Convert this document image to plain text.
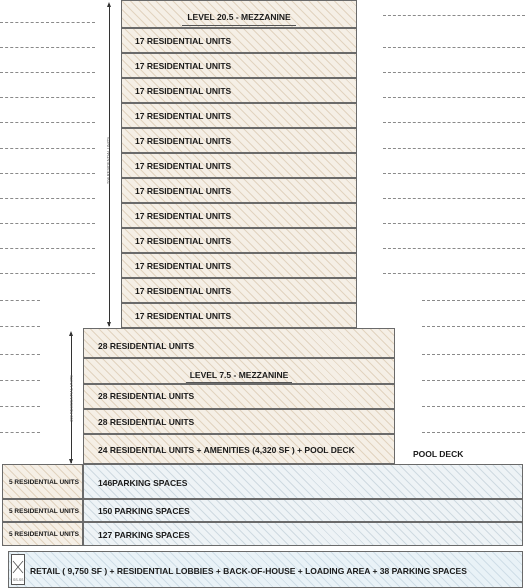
LEVEL 20.5 - MEZZANINE
17 RESIDENTIAL UNITS
17 RESIDENTIAL UNITS
17 RESIDENTIAL UNITS
17 RESIDENTIAL UNITS
17 RESIDENTIAL UNITS
17 RESIDENTIAL UNITS
17 RESIDENTIAL UNITS
17 RESIDENTIAL UNITS
17 RESIDENTIAL UNITS
17 RESIDENTIAL UNITS
17 RESIDENTIAL UNITS
17 RESIDENTIAL UNITS
204 RESIDENTIAL UNITS
28 RESIDENTIAL UNITS
LEVEL 7.5 - MEZZANINE
28 RESIDENTIAL UNITS
28 RESIDENTIAL UNITS
24 RESIDENTIAL UNITS + AMENITIES (4,320 SF ) + POOL DECK	POOL DECK
108 RESIDENTIAL UNITS
5 RESIDENTIAL UNITS
5 RESIDENTIAL UNITS
5 RESIDENTIAL UNITS
146PARKING SPACES
150 PARKING SPACES
127 PARKING SPACES
RETAIL ( 9,750 SF ) + RESIDENTIAL LOBBIES + BACK-OF-HOUSE + LOADING AREA + 38 PARKING SPACES
SS-SS
